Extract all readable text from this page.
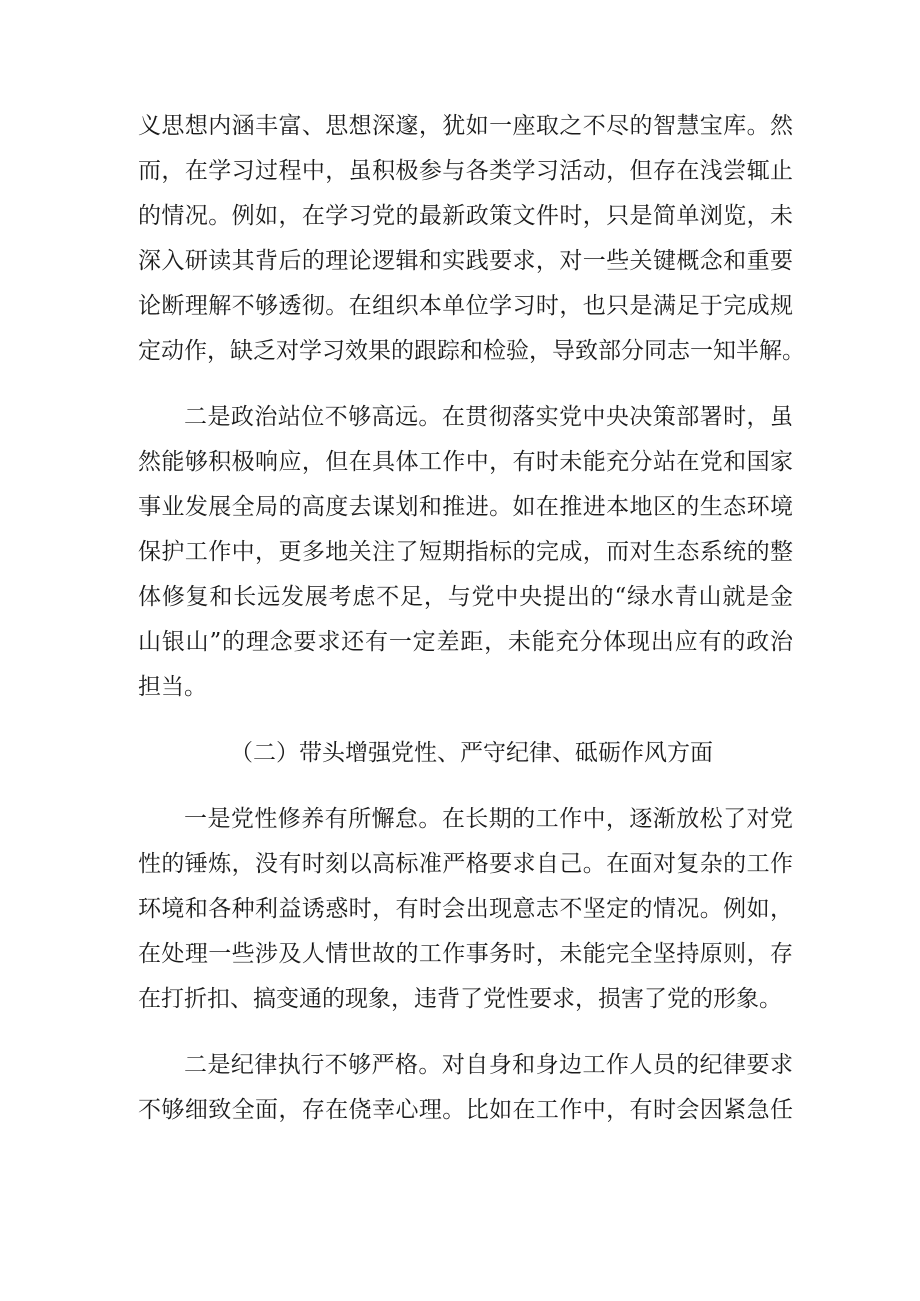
义思想内涵丰富、思想深邃，犹如一座取之不尽的智慧宝库。然
而，在学习过程中，虽积极参与各类学习活动，但存在浅尝辄止
的情况。例如，在学习党的最新政策文件时，只是简单浏览，未
深入研读其背后的理论逻辑和实践要求，对一些关键概念和重要
论断理解不够透彻。在组织本单位学习时，也只是满足于完成规
定动作，缺乏对学习效果的跟踪和检验，导致部分同志一知半解。
二是政治站位不够高远。在贯彻落实党中央决策部署时，虽
然能够积极响应，但在具体工作中，有时未能充分站在党和国家
事业发展全局的高度去谋划和推进。如在推进本地区的生态环境
保护工作中，更多地关注了短期指标的完成，而对生态系统的整
体修复和长远发展考虑不足，与党中央提出的“绿水青山就是金
山银山”的理念要求还有一定差距，未能充分体现出应有的政治
担当。
（二）带头增强党性、严守纪律、砥砺作风方面
一是党性修养有所懈怠。在长期的工作中，逐渐放松了对党
性的锤炼，没有时刻以高标准严格要求自己。在面对复杂的工作
环境和各种利益诱惑时，有时会出现意志不坚定的情况。例如，
在处理一些涉及人情世故的工作事务时，未能完全坚持原则，存
在打折扣、搞变通的现象，违背了党性要求，损害了党的形象。
二是纪律执行不够严格。对自身和身边工作人员的纪律要求
不够细致全面，存在侥幸心理。比如在工作中，有时会因紧急任
